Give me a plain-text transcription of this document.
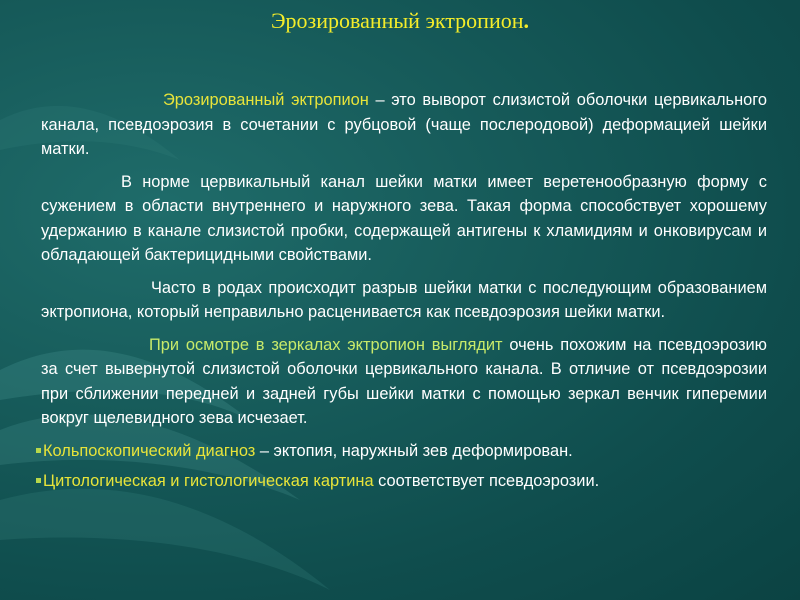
Эрозированный эктропион.

Эрозированный эктропион – это выворот слизистой оболочки цервикального канала, псевдоэрозия в сочетании с рубцовой (чаще послеродовой) деформацией шейки матки.

В норме цервикальный канал шейки матки имеет веретенообразную форму с сужением в области внутреннего и наружного зева. Такая форма способствует хорошему удержанию в канале слизистой пробки, содержащей антигены к хламидиям и онковирусам и обладающей бактерицидными свойствами.

Часто в родах происходит разрыв шейки матки с последующим образованием эктропиона, который неправильно расценивается как псевдоэрозия шейки матки.

При осмотре в зеркалах эктропион выглядит очень похожим на псевдоэрозию за счет вывернутой слизистой оболочки цервикального канала. В отличие от псевдоэрозии при сближении передней и задней губы шейки матки с помощью зеркал венчик гиперемии вокруг щелевидного зева исчезает.

Кольпоскопический диагноз – эктопия, наружный зев деформирован.

Цитологическая и гистологическая картина соответствует псевдоэрозии.
